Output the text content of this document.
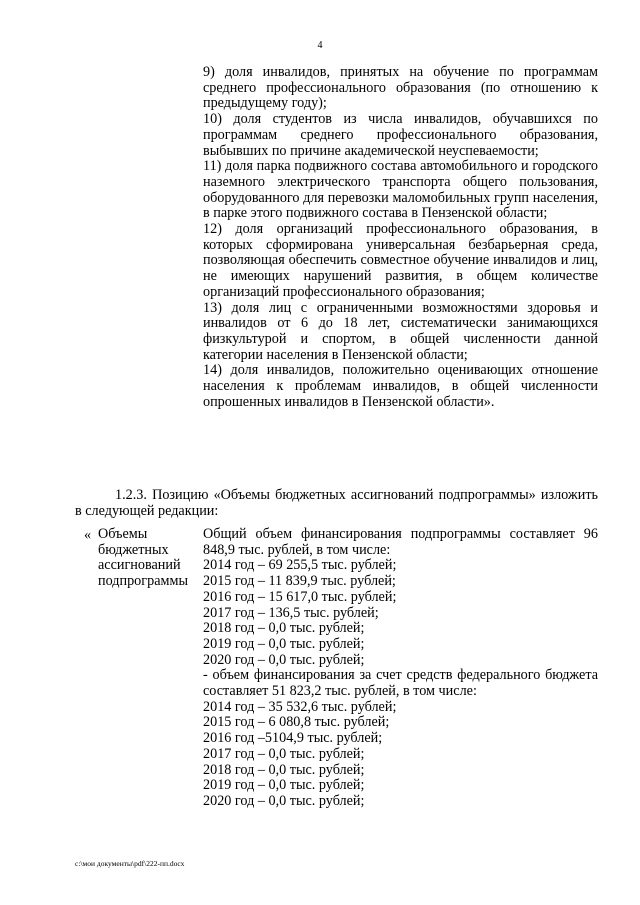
4

9) доля инвалидов, принятых на обучение по программам среднего профессионального образования (по отношению к предыдущему году);

10) доля студентов из числа инвалидов, обучавшихся по программам среднего профессионального образования, выбывших по причине академической неуспеваемости;

11) доля парка подвижного состава автомобильного и городского наземного электрического транспорта общего пользования, оборудованного для перевозки маломобильных групп населения, в парке этого подвижного состава в Пензенской области;

12) доля организаций профессионального образования, в которых сформирована универсальная безбарьерная среда, позволяющая обеспечить совместное обучение инвалидов и лиц, не имеющих нарушений развития, в общем количестве организаций профессионального образования;

13) доля лиц с ограниченными возможностями здоровья и инвалидов от 6 до 18 лет, систематически занимающихся физкультурой и спортом, в общей численности данной категории населения в Пензенской области;

14) доля инвалидов, положительно оценивающих отношение населения к проблемам инвалидов, в общей численности опрошенных инвалидов в Пензенской области».

1.2.3. Позицию «Объемы бюджетных ассигнований подпрограммы» изложить в следующей редакции:

« Объемы
бюджетных
ассигнований
подпрограммы
Общий объем финансирования подпрограммы составляет 96 848,9 тыс. рублей, в том числе:
2014 год – 69 255,5 тыс. рублей;
2015 год – 11 839,9 тыс. рублей;
2016 год – 15 617,0 тыс. рублей;
2017 год – 136,5 тыс. рублей;
2018 год – 0,0 тыс. рублей;
2019 год – 0,0 тыс. рублей;
2020 год – 0,0 тыс. рублей;
- объем финансирования за счет средств федерального бюджета составляет 51 823,2 тыс. рублей, в том числе:
2014 год – 35 532,6 тыс. рублей;
2015 год – 6 080,8 тыс. рублей;
2016 год –5104,9 тыс. рублей;
2017 год – 0,0 тыс. рублей;
2018 год – 0,0 тыс. рублей;
2019 год – 0,0 тыс. рублей;
2020 год – 0,0 тыс. рублей;
c:\мои документы\pdf\222-пп.docx
